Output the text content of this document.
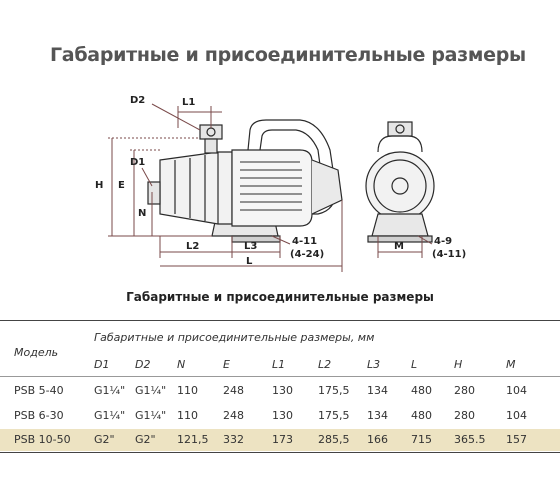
Габаритные и присоединительные размеры
D2	L1
D1
H E
N
L2	L3
L
4-11
(4-24)
M	4-9
(4-11)
Габаритные и присоединительные размеры
Габаритные и присоединительные размеры, мм
Модель
D1 D2 N	E	L1	L2	L3	L	H	M
PSB 5-40	G1¼" G1¼" 110 248	130 175,5 134 480 280	104
PSB 6-30	G1¼" G1¼" 110 248	130 175,5 134 480 280	104
PSB 10-50 G2" G2" 121,5 332	173 285,5 166 715 365.5 157
